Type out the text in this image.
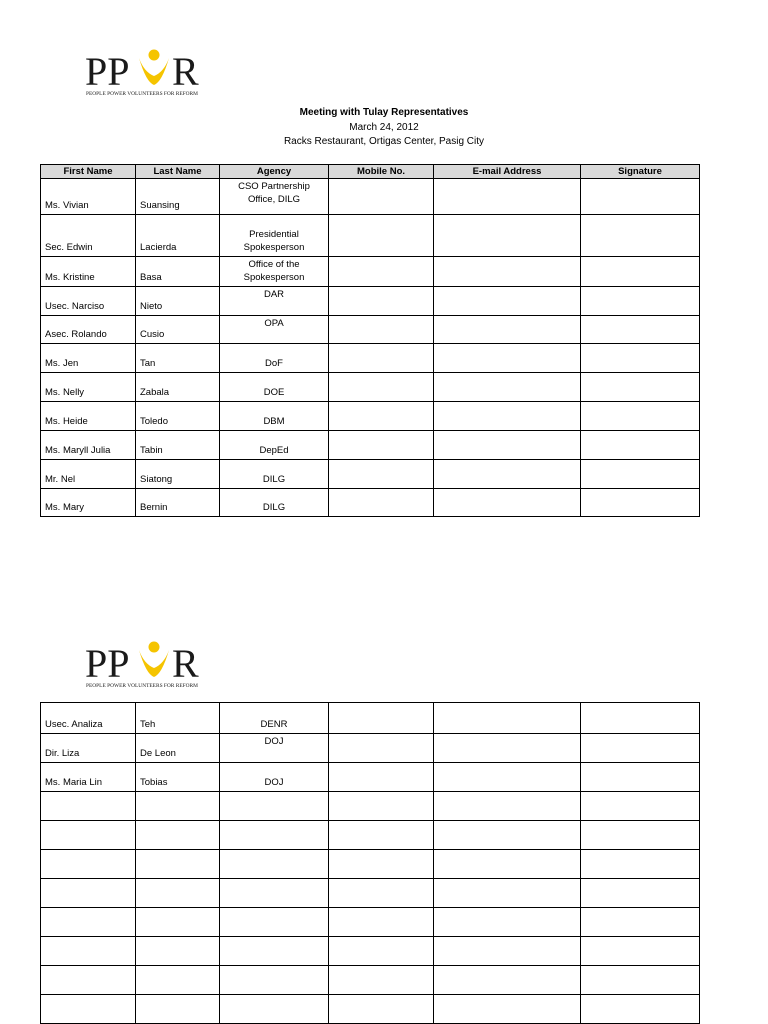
PP R
PEOPLE POWER VOLUNTEERS FOR REFORM
Meeting with Tulay Representatives
March 24, 2012
Racks Restaurant, Ortigas Center, Pasig City
First Name	Last Name	Agency	Mobile No.	E-mail Address	Signature
Ms. Vivian	Suansing	CSO Partnership Office, DILG			
Sec. Edwin	Lacierda	Presidential Spokesperson			
Ms. Kristine	Basa	Office of the Spokesperson			
Usec. Narciso	Nieto	DAR			
Asec. Rolando	Cusio	OPA			
Ms. Jen	Tan	DoF			
Ms. Nelly	Zabala	DOE			
Ms. Heide	Toledo	DBM			
Ms. Maryll Julia	Tabin	DepEd			
Mr. Nel	Siatong	DILG			
Ms. Mary	Bernin	DILG			
PP R
PEOPLE POWER VOLUNTEERS FOR REFORM
Usec. Analiza	Teh	DENR			
Dir. Liza	De Leon	DOJ			
Ms. Maria Lin	Tobias	DOJ			
